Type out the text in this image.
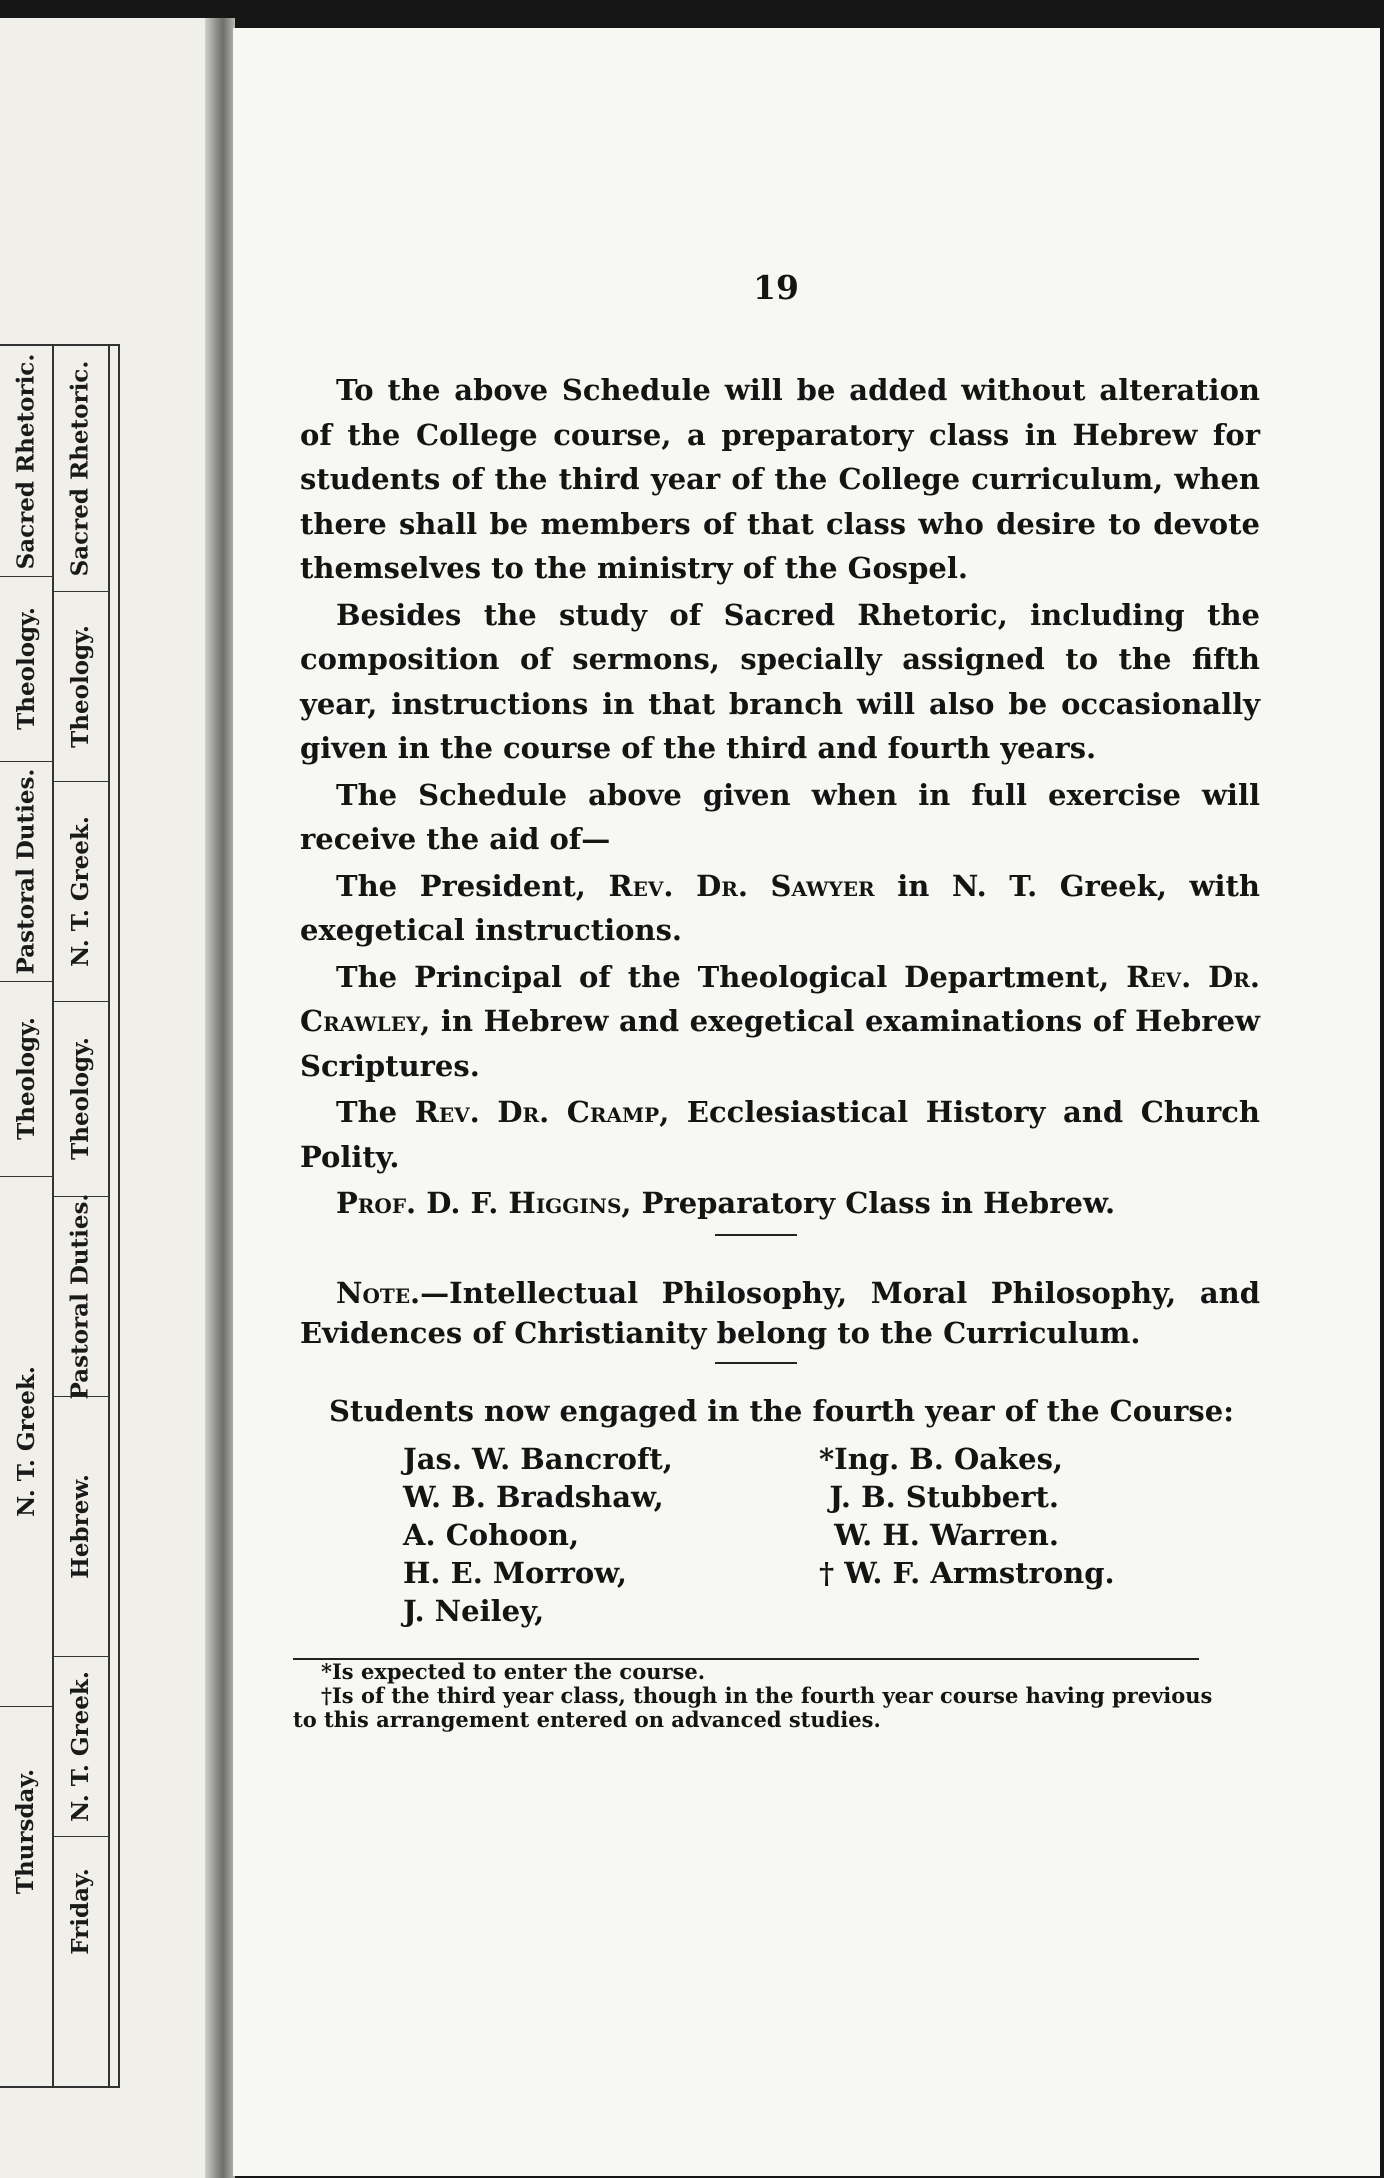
Sacred Rhetoric.
Theology.
Pastoral Duties.
Theology.
N. T. Greek.
Thursday.
Sacred Rhetoric.
Theology.
N. T. Greek.
Theology.
Pastoral Duties.
Hebrew.
N. T. Greek.
Friday.
19

To the above Schedule will be added without alteration of the College course, a preparatory class in Hebrew for students of the third year of the College curriculum, when there shall be members of that class who desire to devote themselves to the ministry of the Gospel.

Besides the study of Sacred Rhetoric, including the composition of sermons, specially assigned to the fifth year, instructions in that branch will also be occasionally given in the course of the third and fourth years.

The Schedule above given when in full exercise will receive the aid of—

The President, Rev. Dr. Sawyer in N. T. Greek, with exegetical instructions.

The Principal of the Theological Department, Rev. Dr. Crawley, in Hebrew and exegetical examinations of Hebrew Scriptures.

The Rev. Dr. Cramp, Ecclesiastical History and Church Polity.

Prof. D. F. Higgins, Preparatory Class in Hebrew.

Note.—Intellectual Philosophy, Moral Philosophy, and Evidences of Christianity belong to the Curriculum.

Students now engaged in the fourth year of the Course:
Jas. W. Bancroft,
W. B. Bradshaw,
A. Cohoon,
H. E. Morrow,
J. Neiley,
*Ing. B. Oakes,
J. B. Stubbert.
W. H. Warren.
† W. F. Armstrong.
*Is expected to enter the course.
†Is of the third year class, though in the fourth year course having previous
to this arrangement entered on advanced studies.
